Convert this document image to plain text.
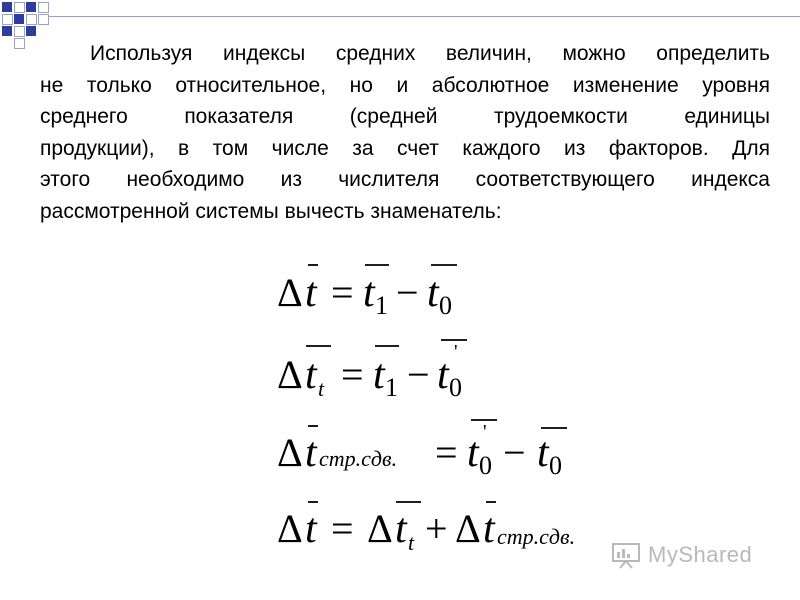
Используя индексы средних величин, можно определить
не только относительное, но и абсолютное изменение уровня
среднего показателя (средней трудоемкости единицы
продукции), в том числе за счет каждого из факторов. Для
этого необходимо из числителя соответствующего индекса
рассмотренной системы вычесть знаменатель:
Δ t = t 1 − t 0
Δ t t = t 1 − t 0
'
Δ t стр.сдв. = t 0
' − t 0
Δ t = Δ t t + Δ t стр.сдв.
MyShared
